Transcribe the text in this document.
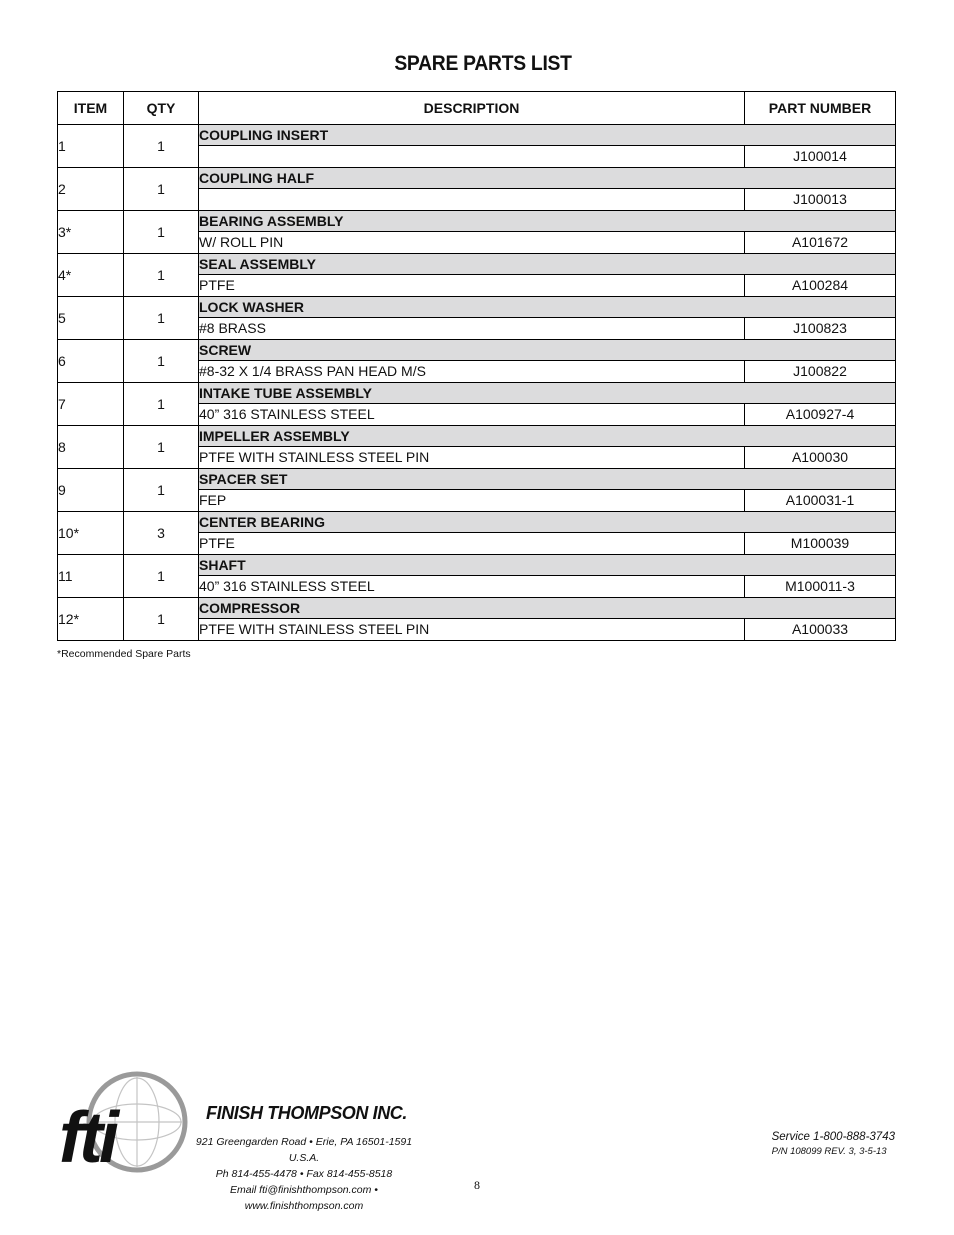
SPARE PARTS LIST
ITEM	QTY	DESCRIPTION	PART NUMBER
1	1	COUPLING INSERT	
			J100014
2	1	COUPLING HALF	
			J100013
3*	1	BEARING ASSEMBLY	
		W/ ROLL PIN	A101672
4*	1	SEAL ASSEMBLY	
		PTFE	A100284
5	1	LOCK WASHER	
		#8 BRASS	J100823
6	1	SCREW	
		#8-32 X 1/4 BRASS PAN HEAD M/S	J100822
7	1	INTAKE TUBE ASSEMBLY	
		40” 316 STAINLESS STEEL	A100927-4
8	1	IMPELLER ASSEMBLY	
		PTFE WITH STAINLESS STEEL PIN	A100030
9	1	SPACER SET	
		FEP	A100031-1
10*	3	CENTER BEARING	
		PTFE	M100039
11	1	SHAFT	
		40” 316 STAINLESS STEEL	M100011-3
12*	1	COMPRESSOR	
		PTFE WITH STAINLESS STEEL PIN	A100033
*Recommended Spare Parts
fti	FINISH THOMPSON INC.
921 Greengarden Road • Erie, PA 16501-1591 U.S.A.
Ph 814-455-4478 • Fax 814-455-8518
Email fti@finishthompson.com • www.finishthompson.com
Service 1-800-888-3743
P/N 108099 REV. 3, 3-5-13
8
